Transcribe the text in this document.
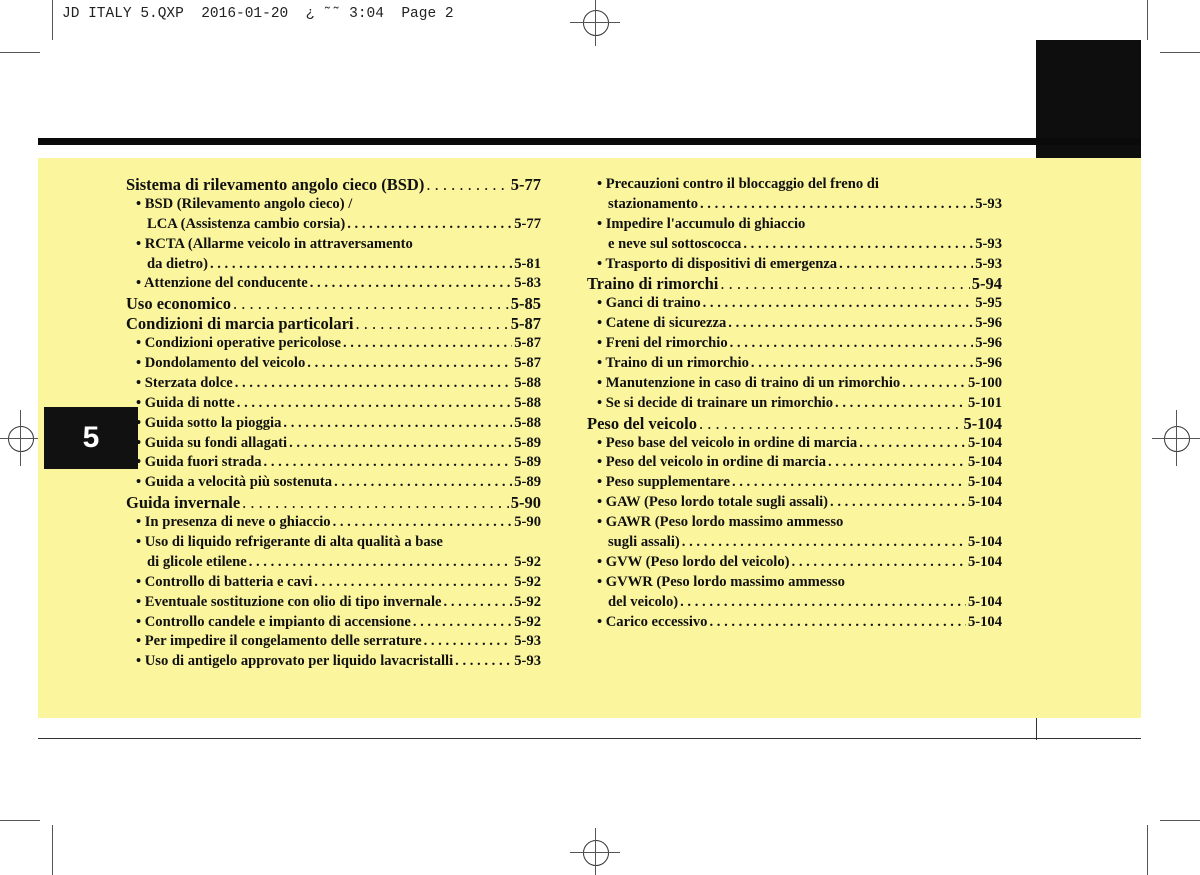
JD ITALY 5.QXP  2016-01-20  ¿ ˜˜ 3:04  Page 2
5
Sistema di rilevamento angolo cieco (BSD) . . .	5-77
• BSD (Rilevamento angolo cieco) /
LCA (Assistenza cambio corsia) . . .	5-77
• RCTA (Allarme veicolo in attraversamento
da dietro) . . .	5-81
• Attenzione del conducente . . .	5-83
Uso economico . . .	5-85
Condizioni di marcia particolari . . .	5-87
• Condizioni operative pericolose . . .	5-87
• Dondolamento del veicolo . . .	5-87
• Sterzata dolce . . .	5-88
• Guida di notte . . .	5-88
• Guida sotto la pioggia . . .	5-88
• Guida su fondi allagati . . .	5-89
• Guida fuori strada . . .	5-89
• Guida a velocità più sostenuta . . .	5-89
Guida invernale . . .	5-90
• In presenza di neve o ghiaccio . . .	5-90
• Uso di liquido refrigerante di alta qualità a base
di glicole etilene . . .	5-92
• Controllo di batteria e cavi . . .	5-92
• Eventuale sostituzione con olio di tipo invernale . . .	5-92
• Controllo candele e impianto di accensione . . .	5-92
• Per impedire il congelamento delle serrature . . .	5-93
• Uso di antigelo approvato per liquido lavacristalli . . .	5-93
• Precauzioni contro il bloccaggio del freno di
stazionamento . . .	5-93
• Impedire l'accumulo di ghiaccio
e neve sul sottoscocca . . .	5-93
• Trasporto di dispositivi di emergenza . . .	5-93
Traino di rimorchi . . .	5-94
• Ganci di traino . . .	5-95
• Catene di sicurezza . . .	5-96
• Freni del rimorchio . . .	5-96
• Traino di un rimorchio . . .	5-96
• Manutenzione in caso di traino di un rimorchio . . .	5-100
• Se si decide di trainare un rimorchio . . .	5-101
Peso del veicolo . . .	5-104
• Peso base del veicolo in ordine di marcia . . .	5-104
• Peso del veicolo in ordine di marcia . . .	5-104
• Peso supplementare . . .	5-104
• GAW (Peso lordo totale sugli assali) . . .	5-104
• GAWR (Peso lordo massimo ammesso
sugli assali) . . .	5-104
• GVW (Peso lordo del veicolo) . . .	5-104
• GVWR (Peso lordo massimo ammesso
del veicolo) . . .	5-104
• Carico eccessivo . . .	5-104
